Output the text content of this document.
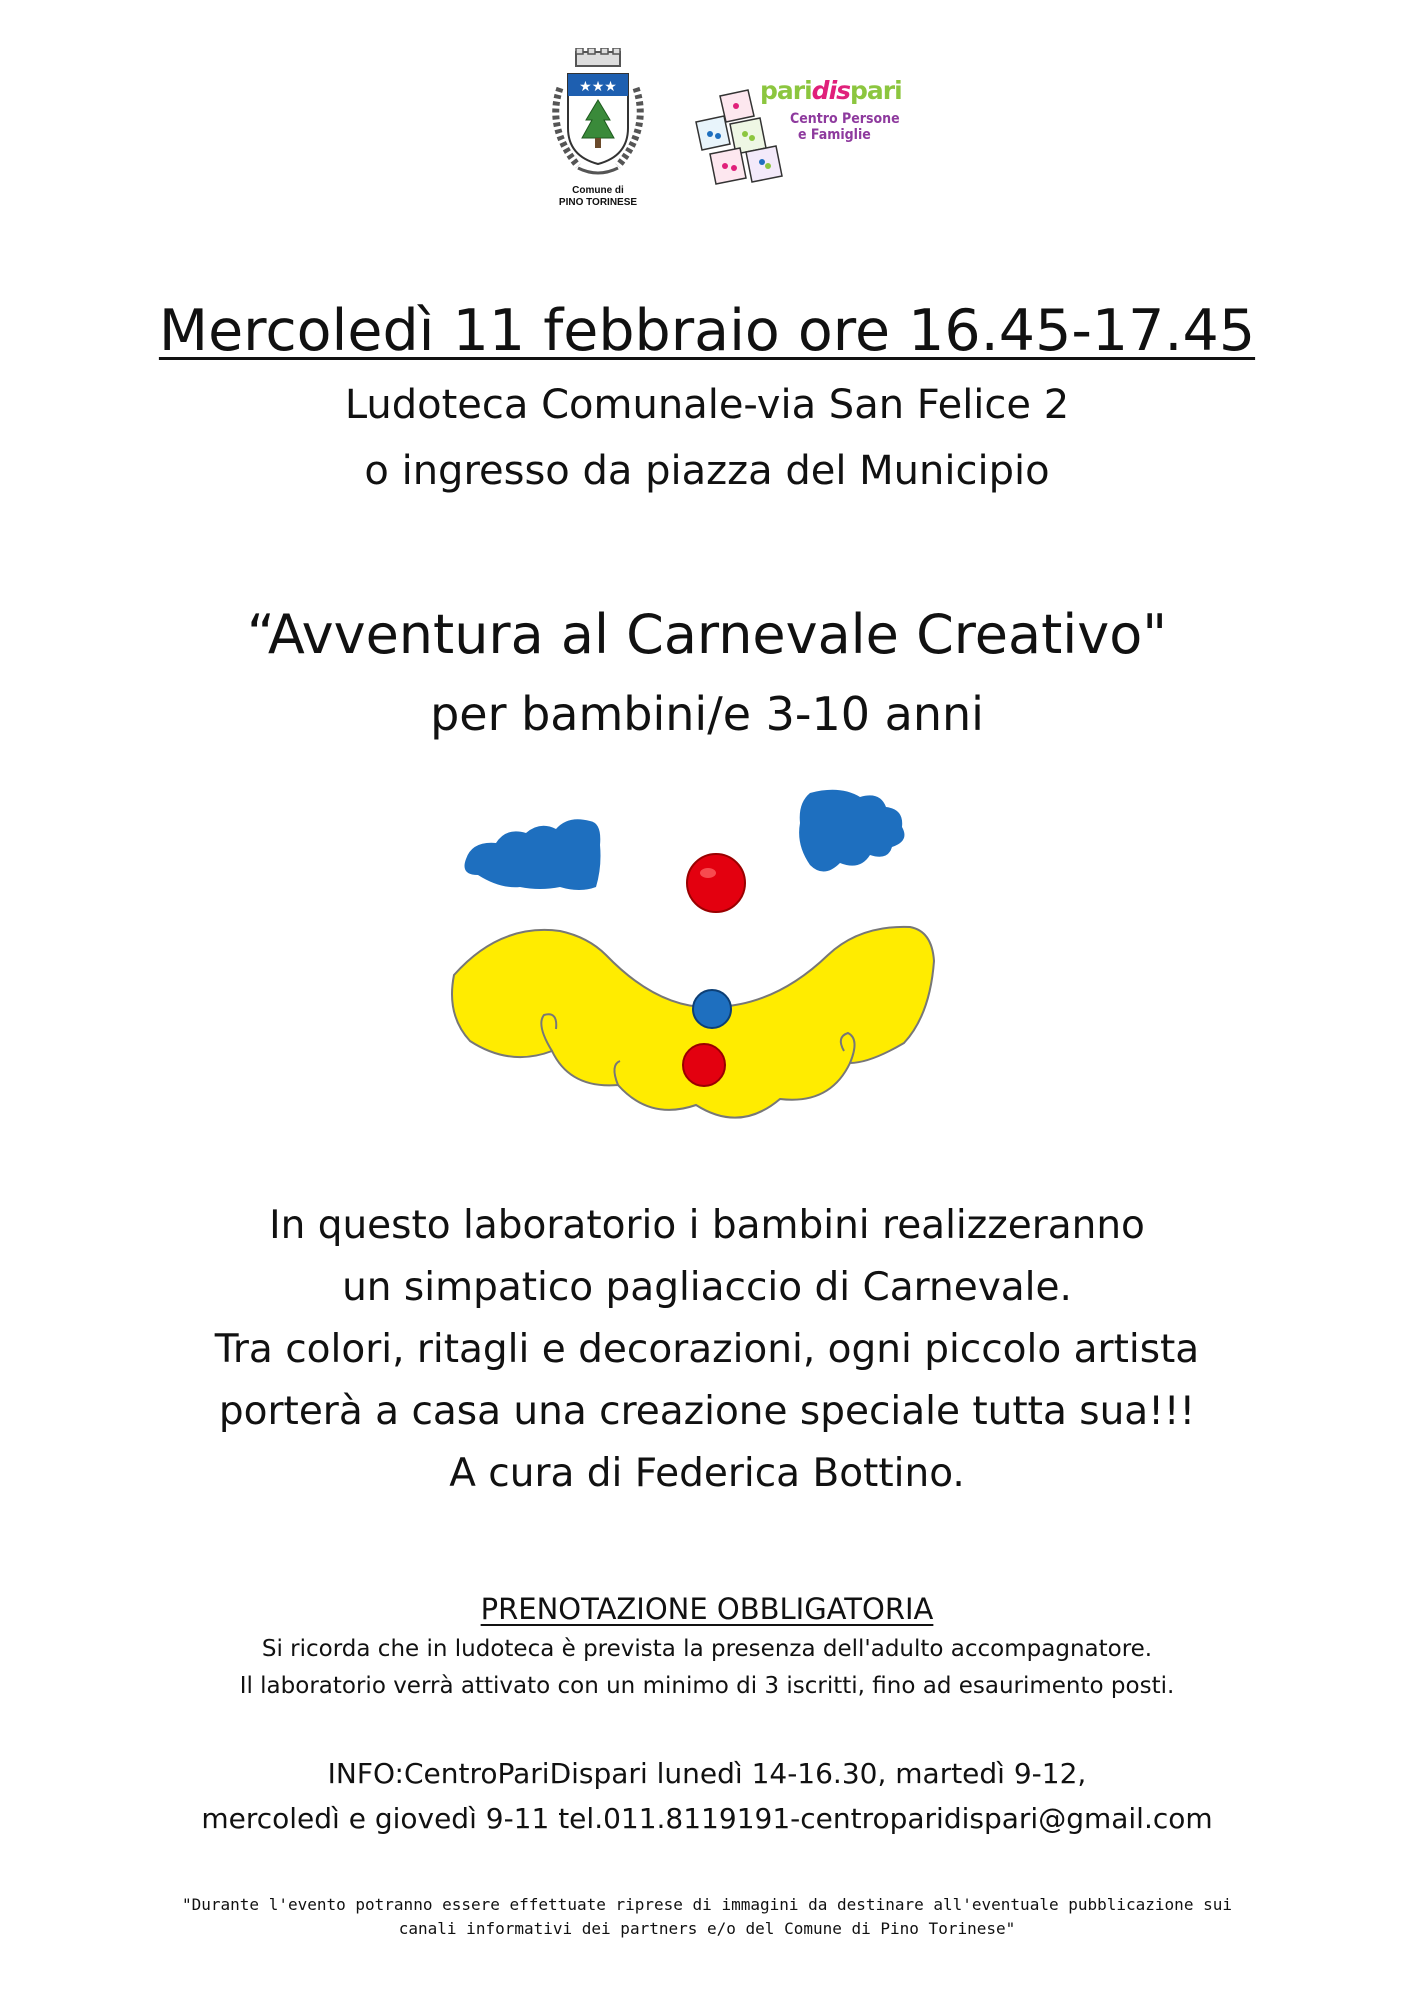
★★★
Comune di
PINO TORINESE
paridispari
Centro Persone
e Famiglie
Mercoledì 11 febbraio ore 16.45-17.45
Ludoteca Comunale-via San Felice 2
o ingresso da piazza del Municipio
“Avventura al Carnevale Creativo"
per bambini/e 3-10 anni
In questo laboratorio i bambini realizzeranno
un simpatico pagliaccio di Carnevale.
Tra colori, ritagli e decorazioni, ogni piccolo artista
porterà a casa una creazione speciale tutta sua!!!
A cura di Federica Bottino.
PRENOTAZIONE OBBLIGATORIA
Si ricorda che in ludoteca è prevista la presenza dell'adulto accompagnatore.
Il laboratorio verrà attivato con un minimo di 3 iscritti, fino ad esaurimento posti.
INFO:CentroPariDispari lunedì 14-16.30, martedì 9-12,
mercoledì e giovedì 9-11 tel.011.8119191-centroparidispari@gmail.com
"Durante l'evento potranno essere effettuate riprese di immagini da destinare all'eventuale pubblicazione sui
canali informativi dei partners e/o del Comune di Pino Torinese"
